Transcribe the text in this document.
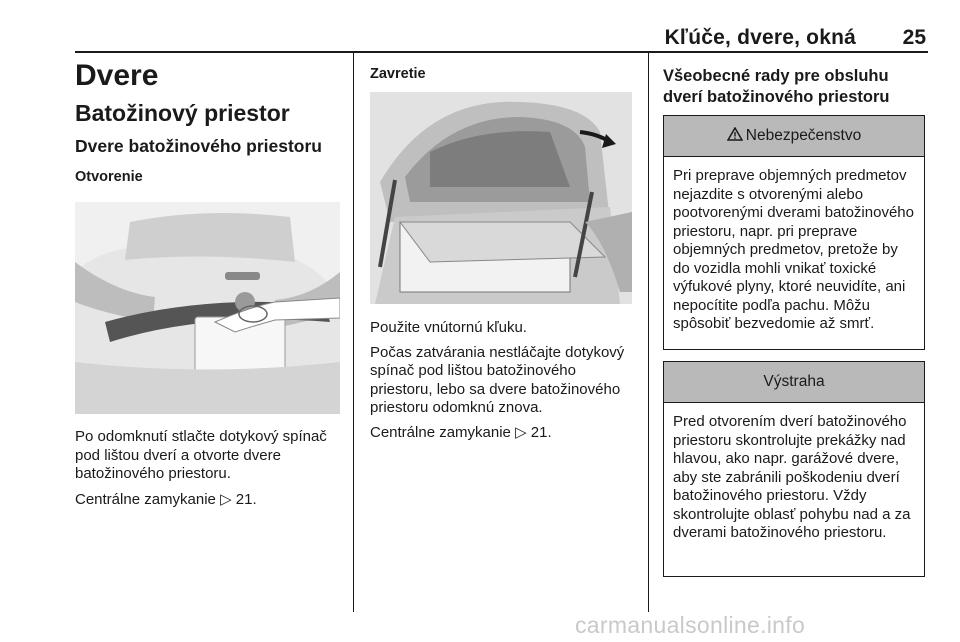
Kľúče, dvere, okná 25
Dvere
Batožinový priestor
Dvere batožinového priestoru
Otvorenie

Po odomknutí stlačte dotykový spínač pod lištou dverí a otvorte dvere batožinového priestoru.

Centrálne zamykanie ▷ 21.

Zavretie

Použite vnútornú kľuku.

Počas zatvárania nestláčajte dotykový spínač pod lištou batožinového priestoru, lebo sa dvere batožinového priestoru odomknú znova.

Centrálne zamykanie ▷ 21.

Všeobecné rady pre obsluhu dverí batožinového priestoru
Nebezpečenstvo
Pri preprave objemných predmetov nejazdite s otvorenými alebo pootvorenými dverami batožinového priestoru, napr. pri preprave objemných predmetov, pretože by do vozidla mohli vnikať toxické výfukové plyny, ktoré neuvidíte, ani nepocítite podľa pachu. Môžu spôsobiť bezvedomie až smrť.
Výstraha
Pred otvorením dverí batožinového priestoru skontrolujte prekážky nad hlavou, ako napr. garážové dvere, aby ste zabránili poškodeniu dverí batožinového priestoru. Vždy skontrolujte oblasť pohybu nad a za dverami batožinového priestoru.
carmanualsonline.info
